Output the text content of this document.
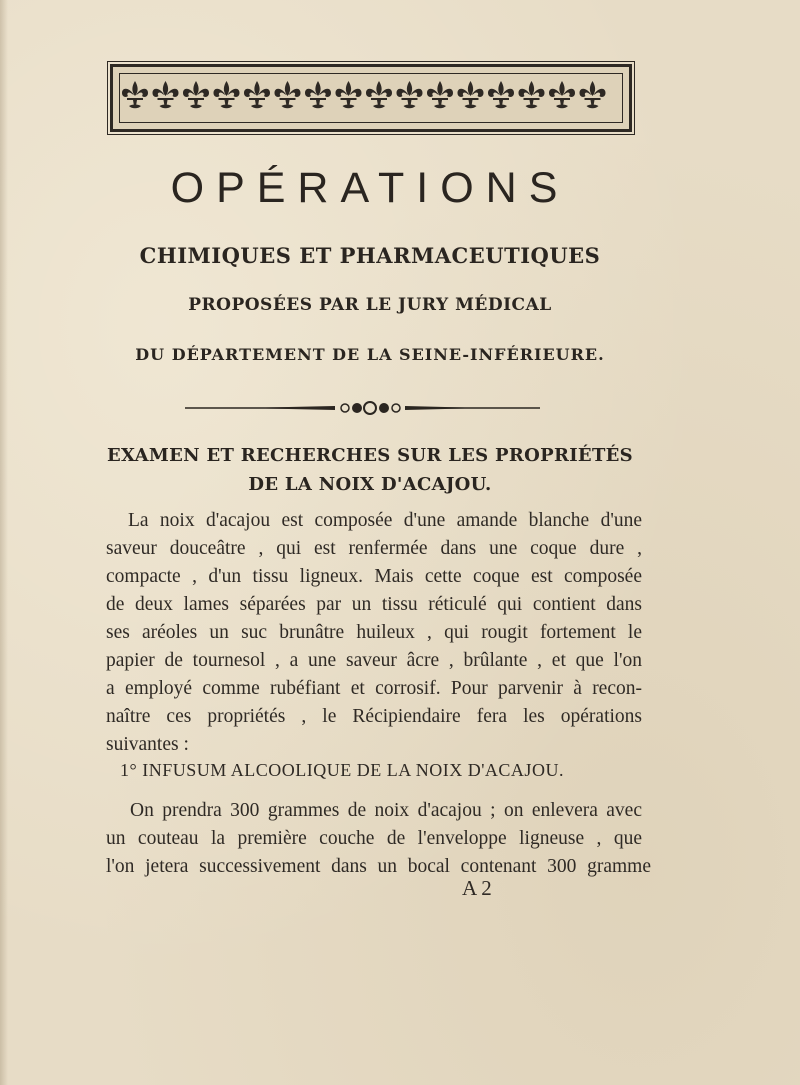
OPÉRATIONS
CHIMIQUES ET PHARMACEUTIQUES
PROPOSÉES PAR LE JURY MÉDICAL
DU DÉPARTEMENT DE LA SEINE-INFÉRIEURE.
EXAMEN ET RECHERCHES SUR LES PROPRIÉTÉS
DE LA NOIX D'ACAJOU.
La noix d'acajou est composée d'une amande blanche d'une
saveur douceâtre , qui est renfermée dans une coque dure ,
compacte , d'un tissu ligneux. Mais cette coque est composée
de deux lames séparées par un tissu réticulé qui contient dans
ses aréoles un suc brunâtre huileux , qui rougit fortement le
papier de tournesol , a une saveur âcre , brûlante , et que l'on
a employé comme rubéfiant et corrosif. Pour parvenir à recon-
naître ces propriétés , le Récipiendaire fera les opérations
suivantes :
1° INFUSUM ALCOOLIQUE DE LA NOIX D'ACAJOU.
On prendra 300 grammes de noix d'acajou ; on enlevera avec
un couteau la première couche de l'enveloppe ligneuse , que
l'on jetera successivement dans un bocal contenant 300 gramme
A 2
